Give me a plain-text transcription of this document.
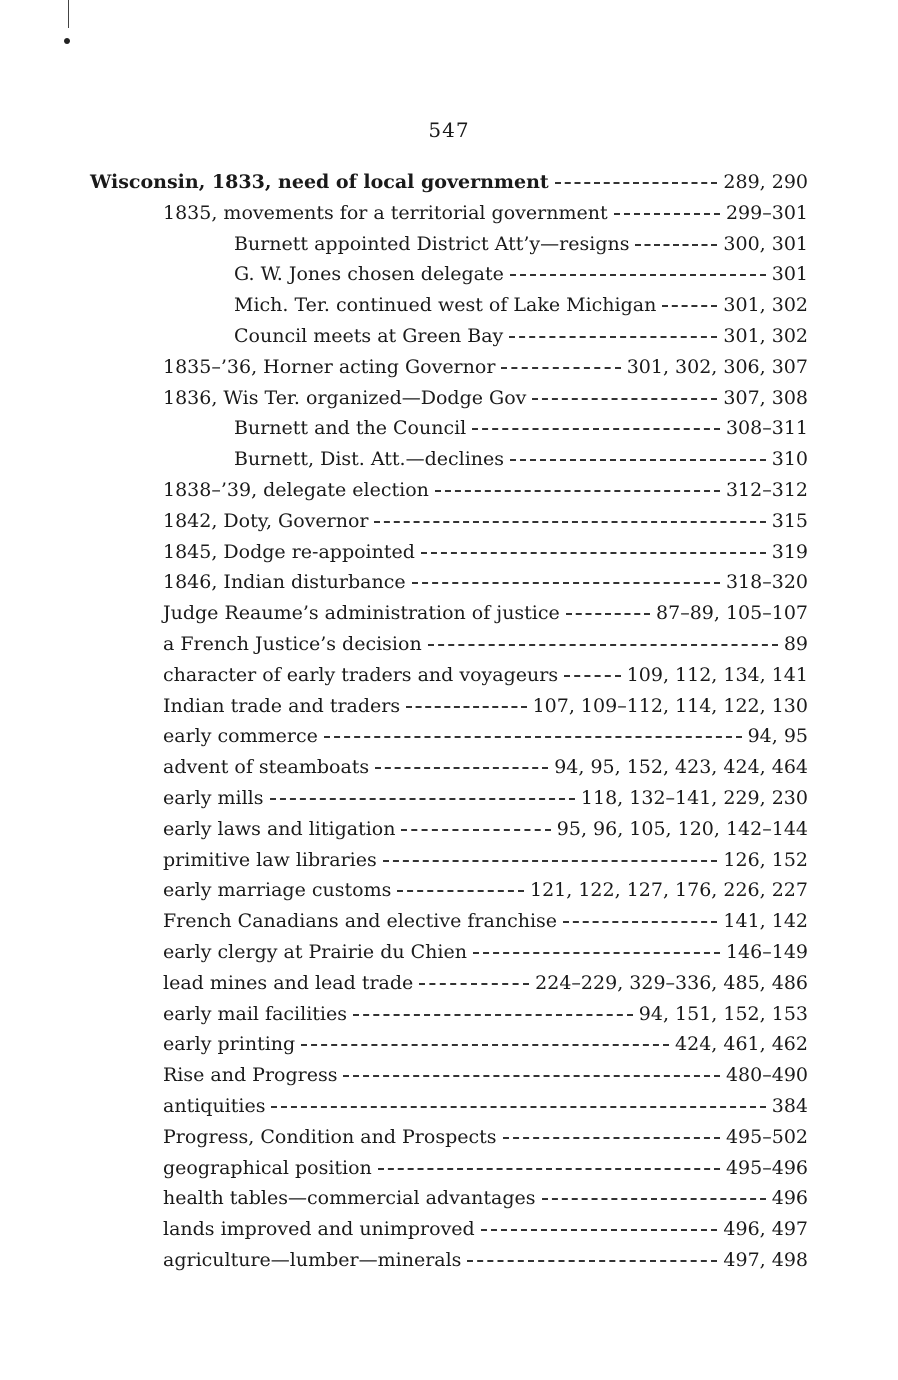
547
Wisconsin, 1833, need of local government	289, 290
1835, movements for a territorial government	299–301
Burnett appointed District Att’y—resigns	300, 301
G. W. Jones chosen delegate	301
Mich. Ter. continued west of Lake Michigan	301, 302
Council meets at Green Bay	301, 302
1835–’36, Horner acting Governor	301, 302, 306, 307
1836, Wis Ter. organized—Dodge Gov	307, 308
Burnett and the Council	308–311
Burnett, Dist. Att.—declines	310
1838–’39, delegate election	312–312
1842, Doty, Governor	315
1845, Dodge re-appointed	319
1846, Indian disturbance	318–320
Judge Reaume’s administration of justice	87–89, 105–107
a French Justice’s decision	89
character of early traders and voyageurs	109, 112, 134, 141
Indian trade and traders	107, 109–112, 114, 122, 130
early commerce	94, 95
advent of steamboats	94, 95, 152, 423, 424, 464
early mills	118, 132–141, 229, 230
early laws and litigation	95, 96, 105, 120, 142–144
primitive law libraries	126, 152
early marriage customs	121, 122, 127, 176, 226, 227
French Canadians and elective franchise	141, 142
early clergy at Prairie du Chien	146–149
lead mines and lead trade	224–229, 329–336, 485, 486
early mail facilities	94, 151, 152, 153
early printing	424, 461, 462
Rise and Progress	480–490
antiquities	384
Progress, Condition and Prospects	495–502
geographical position	495–496
health tables—commercial advantages	496
lands improved and unimproved	496, 497
agriculture—lumber—minerals	497, 498
